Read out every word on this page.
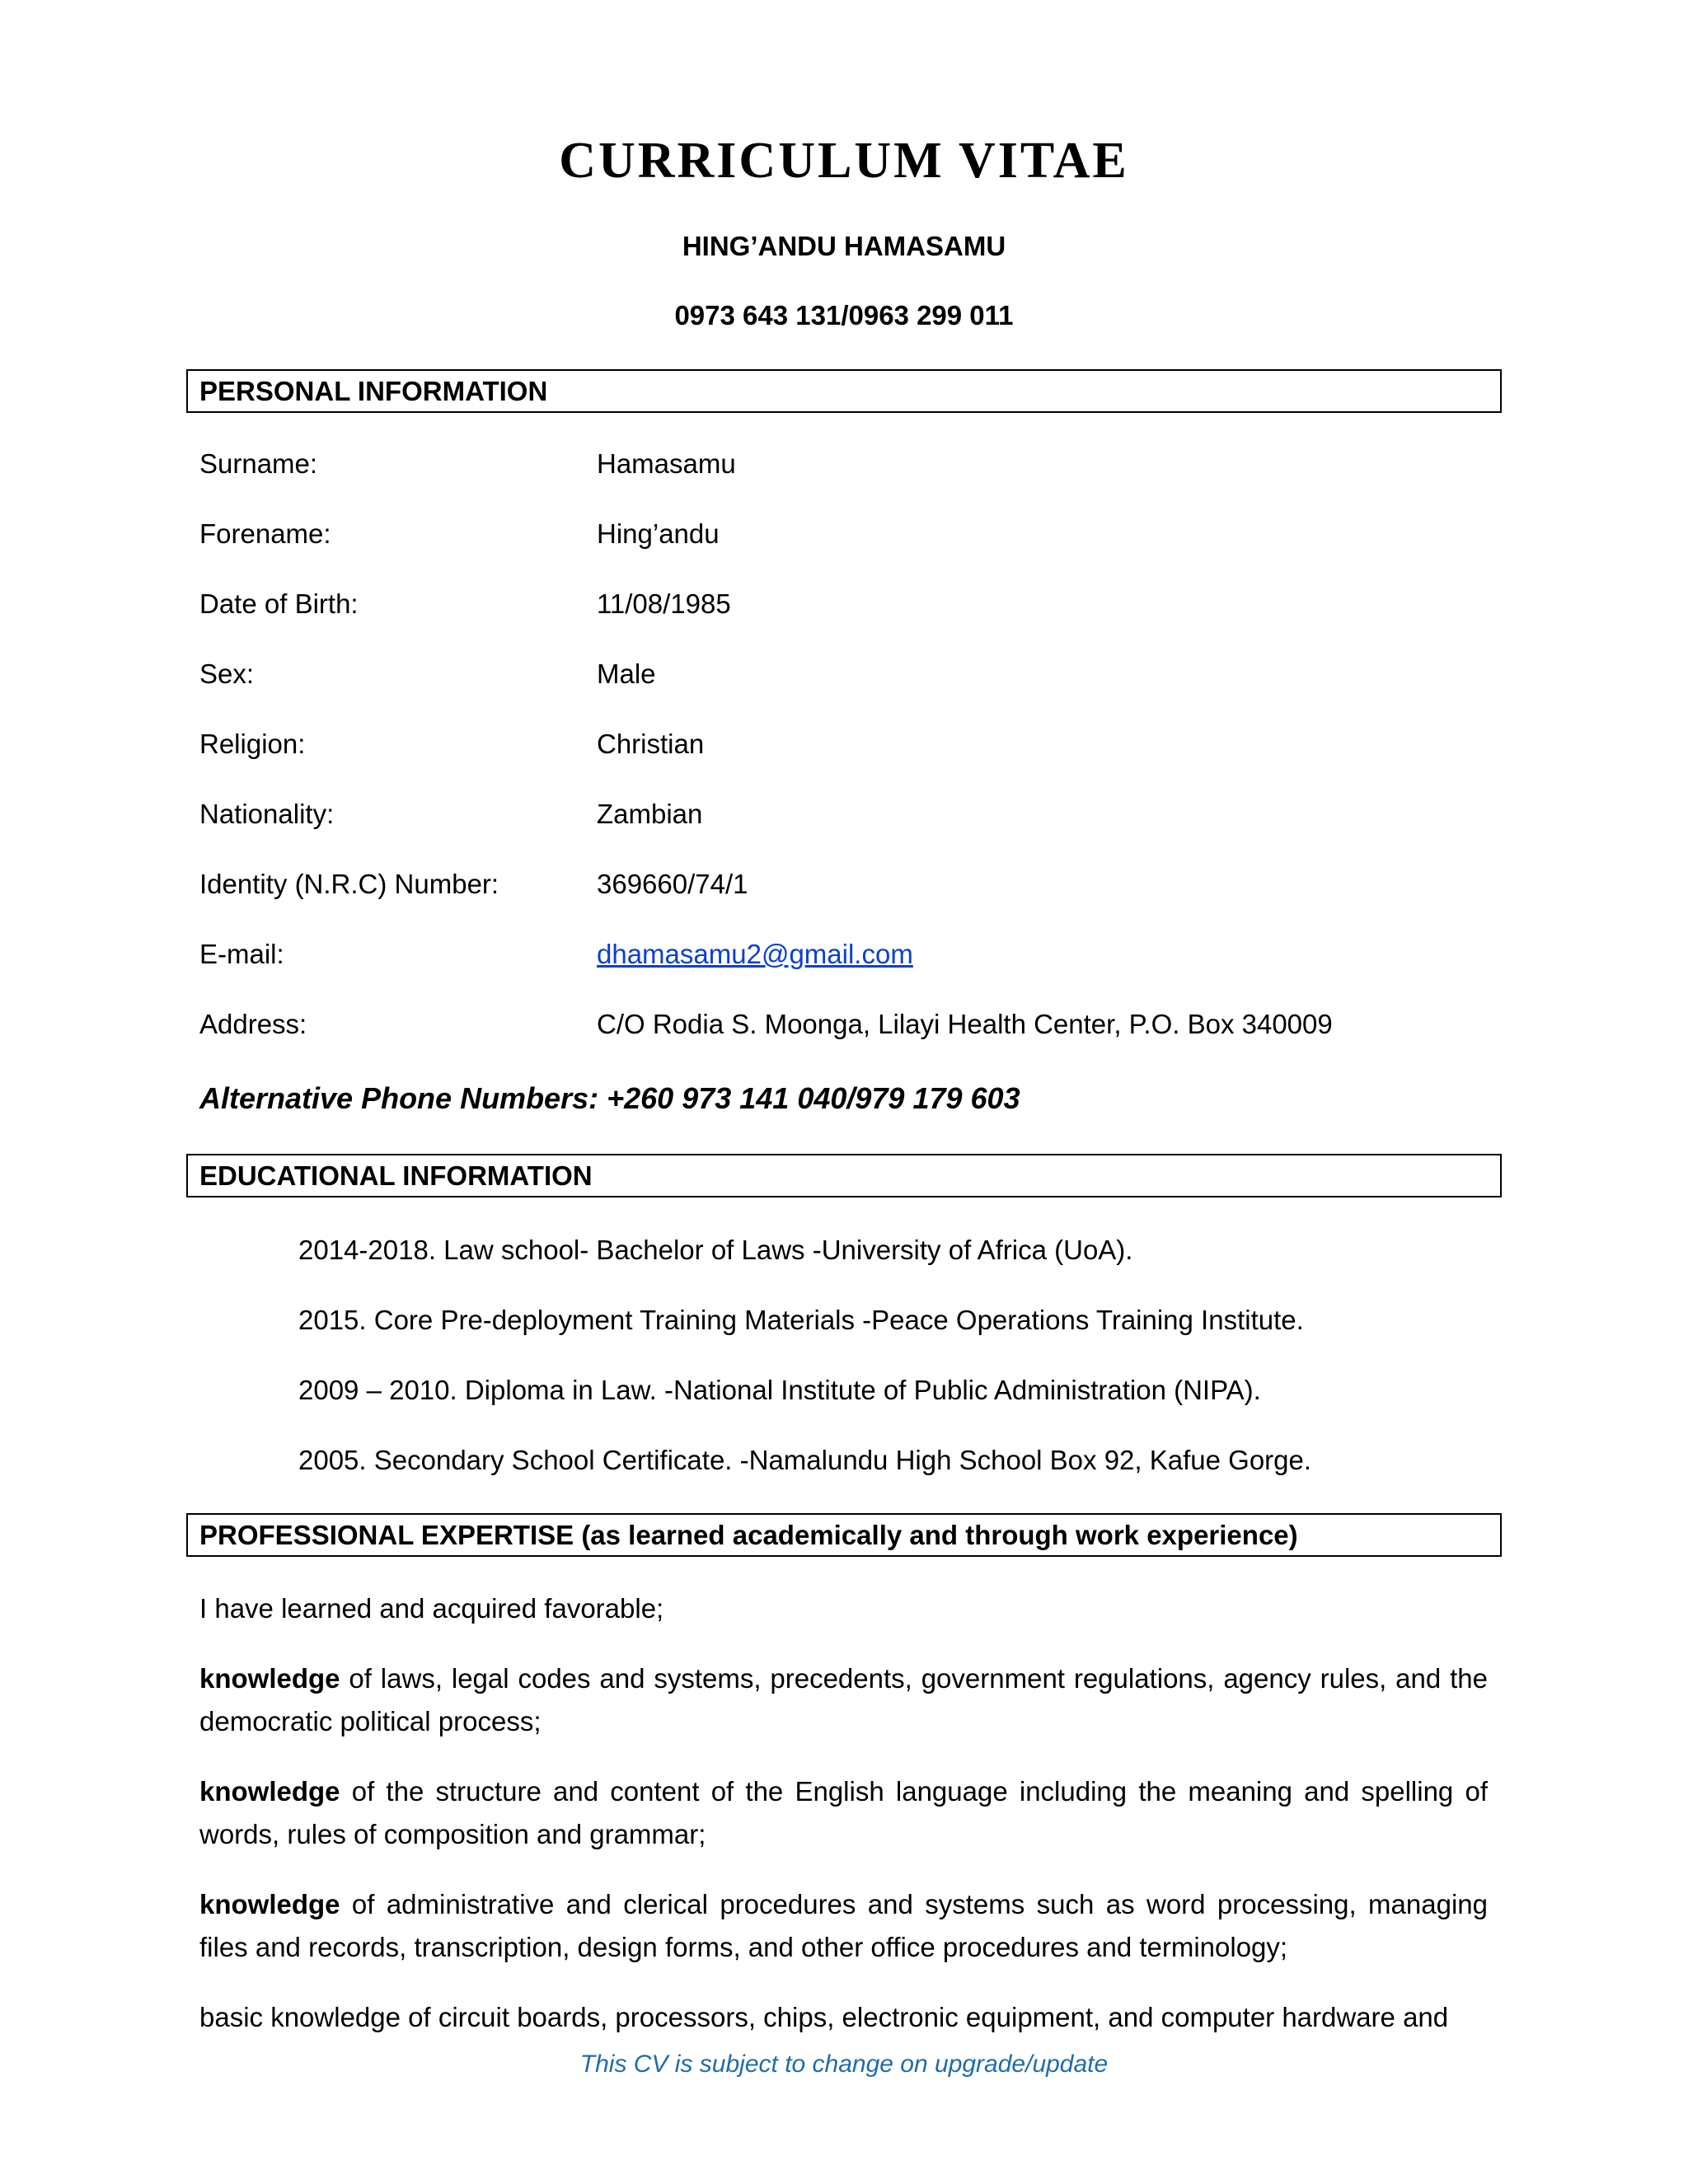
CURRICULUM VITAE
HING’ANDU HAMASAMU
0973 643 131/0963 299 011
PERSONAL INFORMATION
Surname:	Hamasamu
Forename:	Hing’andu
Date of Birth:	11/08/1985
Sex:	Male
Religion:	Christian
Nationality:	Zambian
Identity (N.R.C) Number:	369660/74/1
E-mail:	dhamasamu2@gmail.com
Address:	C/O Rodia S. Moonga, Lilayi Health Center, P.O. Box 340009
Alternative Phone Numbers: +260 973 141 040/979 179 603
EDUCATIONAL INFORMATION
2014-2018. Law school- Bachelor of Laws -University of Africa (UoA).
2015. Core Pre-deployment Training Materials -Peace Operations Training Institute.
2009 – 2010. Diploma in Law. -National Institute of Public Administration (NIPA).
2005. Secondary School Certificate. -Namalundu High School Box 92, Kafue Gorge.
PROFESSIONAL EXPERTISE (as learned academically and through work experience)
I have learned and acquired favorable;
knowledge of laws, legal codes and systems, precedents, government regulations, agency rules, and the democratic political process;
knowledge of the structure and content of the English language including the meaning and spelling of words, rules of composition and grammar;
knowledge of administrative and clerical procedures and systems such as word processing, managing files and records, transcription, design forms, and other office procedures and terminology;
basic knowledge of circuit boards, processors, chips, electronic equipment, and computer hardware and
This CV is subject to change on upgrade/update
